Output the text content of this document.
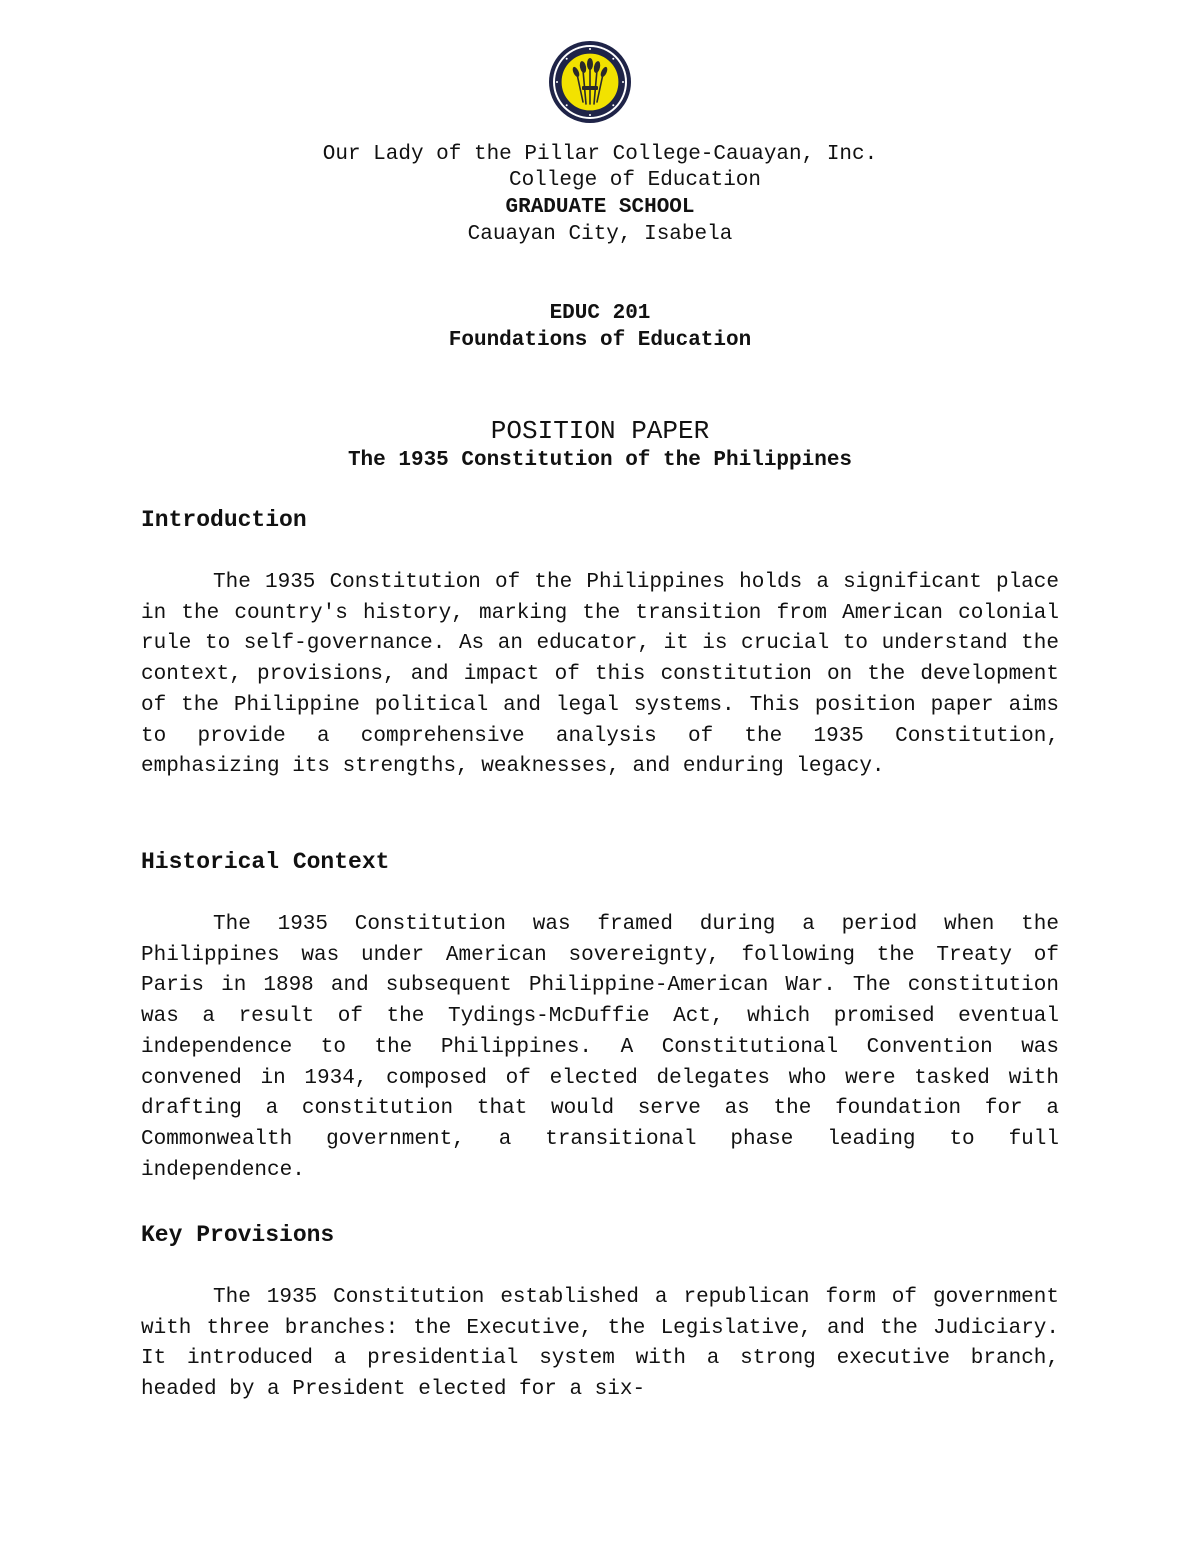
Our Lady of the Pillar College-Cauayan, Inc.
College of Education
GRADUATE SCHOOL
Cauayan City, Isabela
EDUC 201
Foundations of Education
POSITION PAPER
The 1935 Constitution of the Philippines
Introduction

The 1935 Constitution of the Philippines holds a significant place in the country's history, marking the transition from American colonial rule to self-governance. As an educator, it is crucial to understand the context, provisions, and impact of this constitution on the development of the Philippine political and legal systems. This position paper aims to provide a comprehensive analysis of the 1935 Constitution, emphasizing its strengths, weaknesses, and enduring legacy.

Historical Context

The 1935 Constitution was framed during a period when the Philippines was under American sovereignty, following the Treaty of Paris in 1898 and subsequent Philippine-American War. The constitution was a result of the Tydings-McDuffie Act, which promised eventual independence to the Philippines. A Constitutional Convention was convened in 1934, composed of elected delegates who were tasked with drafting a constitution that would serve as the foundation for a Commonwealth government, a transitional phase leading to full independence.

Key Provisions

The 1935 Constitution established a republican form of government with three branches: the Executive, the Legislative, and the Judiciary. It introduced a presidential system with a strong executive branch, headed by a President elected for a six-
